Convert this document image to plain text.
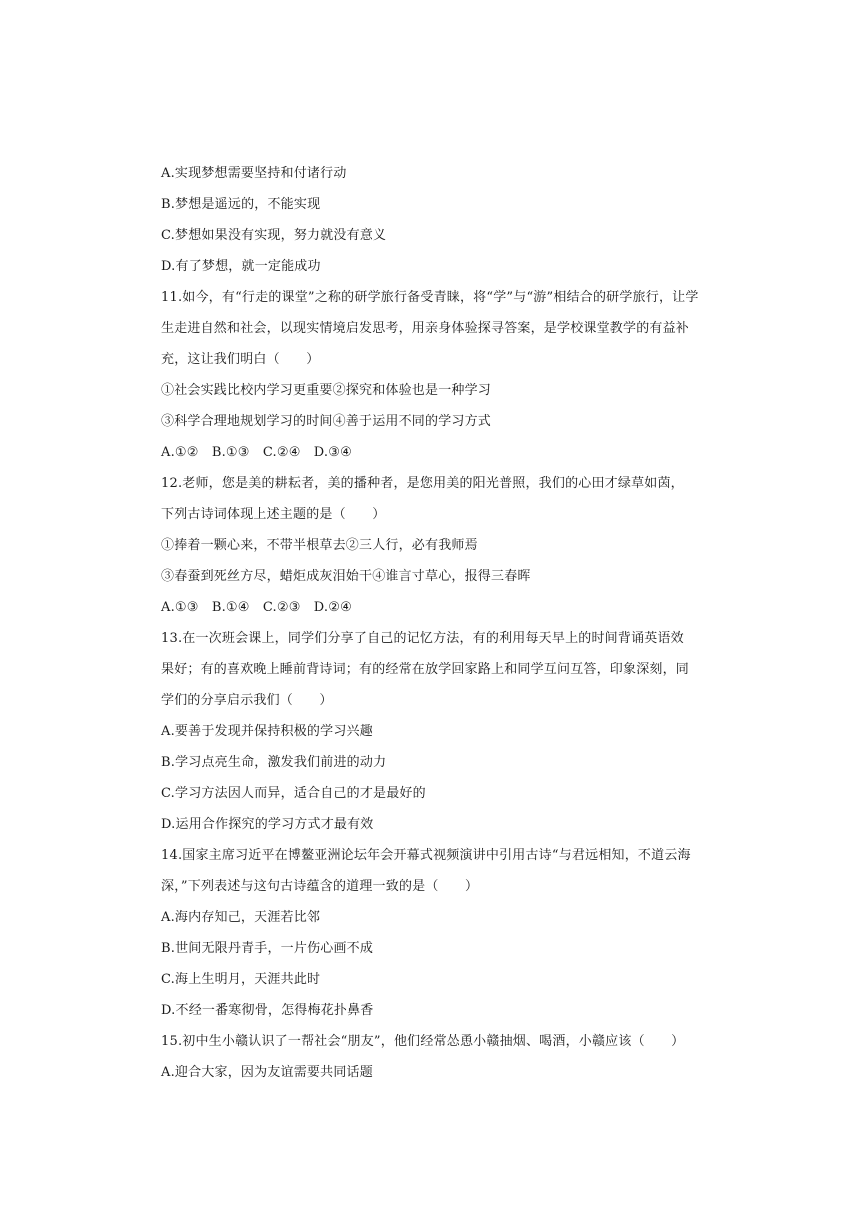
A.实现梦想需要坚持和付诸行动
B.梦想是遥远的，不能实现
C.梦想如果没有实现，努力就没有意义
D.有了梦想，就一定能成功
11.如今，有“行走的课堂”之称的研学旅行备受青睐，将“学”与“游”相结合的研学旅行，让学
生走进自然和社会，以现实情境启发思考，用亲身体验探寻答案，是学校课堂教学的有益补
充，这让我们明白（　　）
①社会实践比校内学习更重要②探究和体验也是一种学习
③科学合理地规划学习的时间④善于运用不同的学习方式
A.①②　B.①③　C.②④　D.③④
12.老师，您是美的耕耘者，美的播种者，是您用美的阳光普照，我们的心田才绿草如茵，
下列古诗词体现上述主题的是（　　）
①捧着一颗心来，不带半根草去②三人行，必有我师焉
③春蚕到死丝方尽，蜡炬成灰泪始干④谁言寸草心，报得三春晖
A.①③　B.①④　C.②③　D.②④
13.在一次班会课上，同学们分享了自己的记忆方法，有的利用每天早上的时间背诵英语效
果好；有的喜欢晚上睡前背诗词；有的经常在放学回家路上和同学互问互答，印象深刻，同
学们的分享启示我们（　　）
A.要善于发现并保持积极的学习兴趣
B.学习点亮生命，激发我们前进的动力
C.学习方法因人而异，适合自己的才是最好的
D.运用合作探究的学习方式才最有效
14.国家主席习近平在博鳌亚洲论坛年会开幕式视频演讲中引用古诗“与君远相知，不道云海
深，”下列表述与这句古诗蕴含的道理一致的是（　　）
A.海内存知己，天涯若比邻
B.世间无限丹青手，一片伤心画不成
C.海上生明月，天涯共此时
D.不经一番寒彻骨，怎得梅花扑鼻香
15.初中生小赣认识了一帮社会“朋友”，他们经常怂恿小赣抽烟、喝酒，小赣应该（　　）
A.迎合大家，因为友谊需要共同话题
